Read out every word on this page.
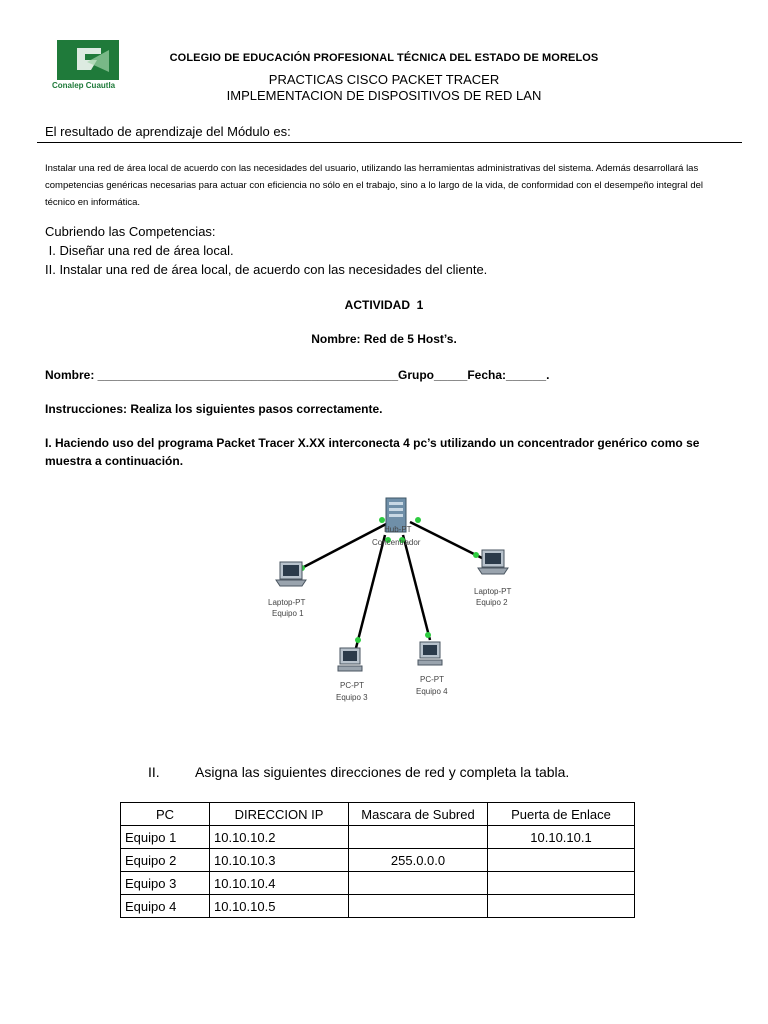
Conalep Cuautla
COLEGIO DE EDUCACIÓN PROFESIONAL TÉCNICA DEL ESTADO DE MORELOS
PRACTICAS CISCO PACKET TRACER
IMPLEMENTACION DE DISPOSITIVOS DE RED LAN
El resultado de aprendizaje del Módulo es:
Instalar una red de área local de acuerdo con las necesidades del usuario, utilizando las herramientas administrativas del sistema. Además desarrollará las competencias genéricas necesarias para actuar con eficiencia no sólo en el trabajo, sino a lo largo de la vida, de conformidad con el desempeño integral del técnico en informática.
Cubriendo las Competencias:
I. Diseñar una red de área local.
II. Instalar una red de área local, de acuerdo con las necesidades del cliente.
ACTIVIDAD  1
Nombre: Red de 5 Host’s.
Nombre: _____________________________________________Grupo_____Fecha:______.
Instrucciones: Realiza los siguientes pasos correctamente.
I. Haciendo uso del programa Packet Tracer X.XX interconecta 4 pc’s utilizando un concentrador genérico como se muestra a continuación.
Hub-PT
Concentrador
Laptop-PT
Equipo 1
Laptop-PT
Equipo 2
PC-PT
Equipo 3
PC-PT
Equipo 4
II.	Asigna las siguientes direcciones de red y completa la tabla.
PC	DIRECCION IP	Mascara de Subred	Puerta de Enlace
Equipo 1	10.10.10.2		10.10.10.1
Equipo 2	10.10.10.3	255.0.0.0	
Equipo 3	10.10.10.4		
Equipo 4	10.10.10.5		
